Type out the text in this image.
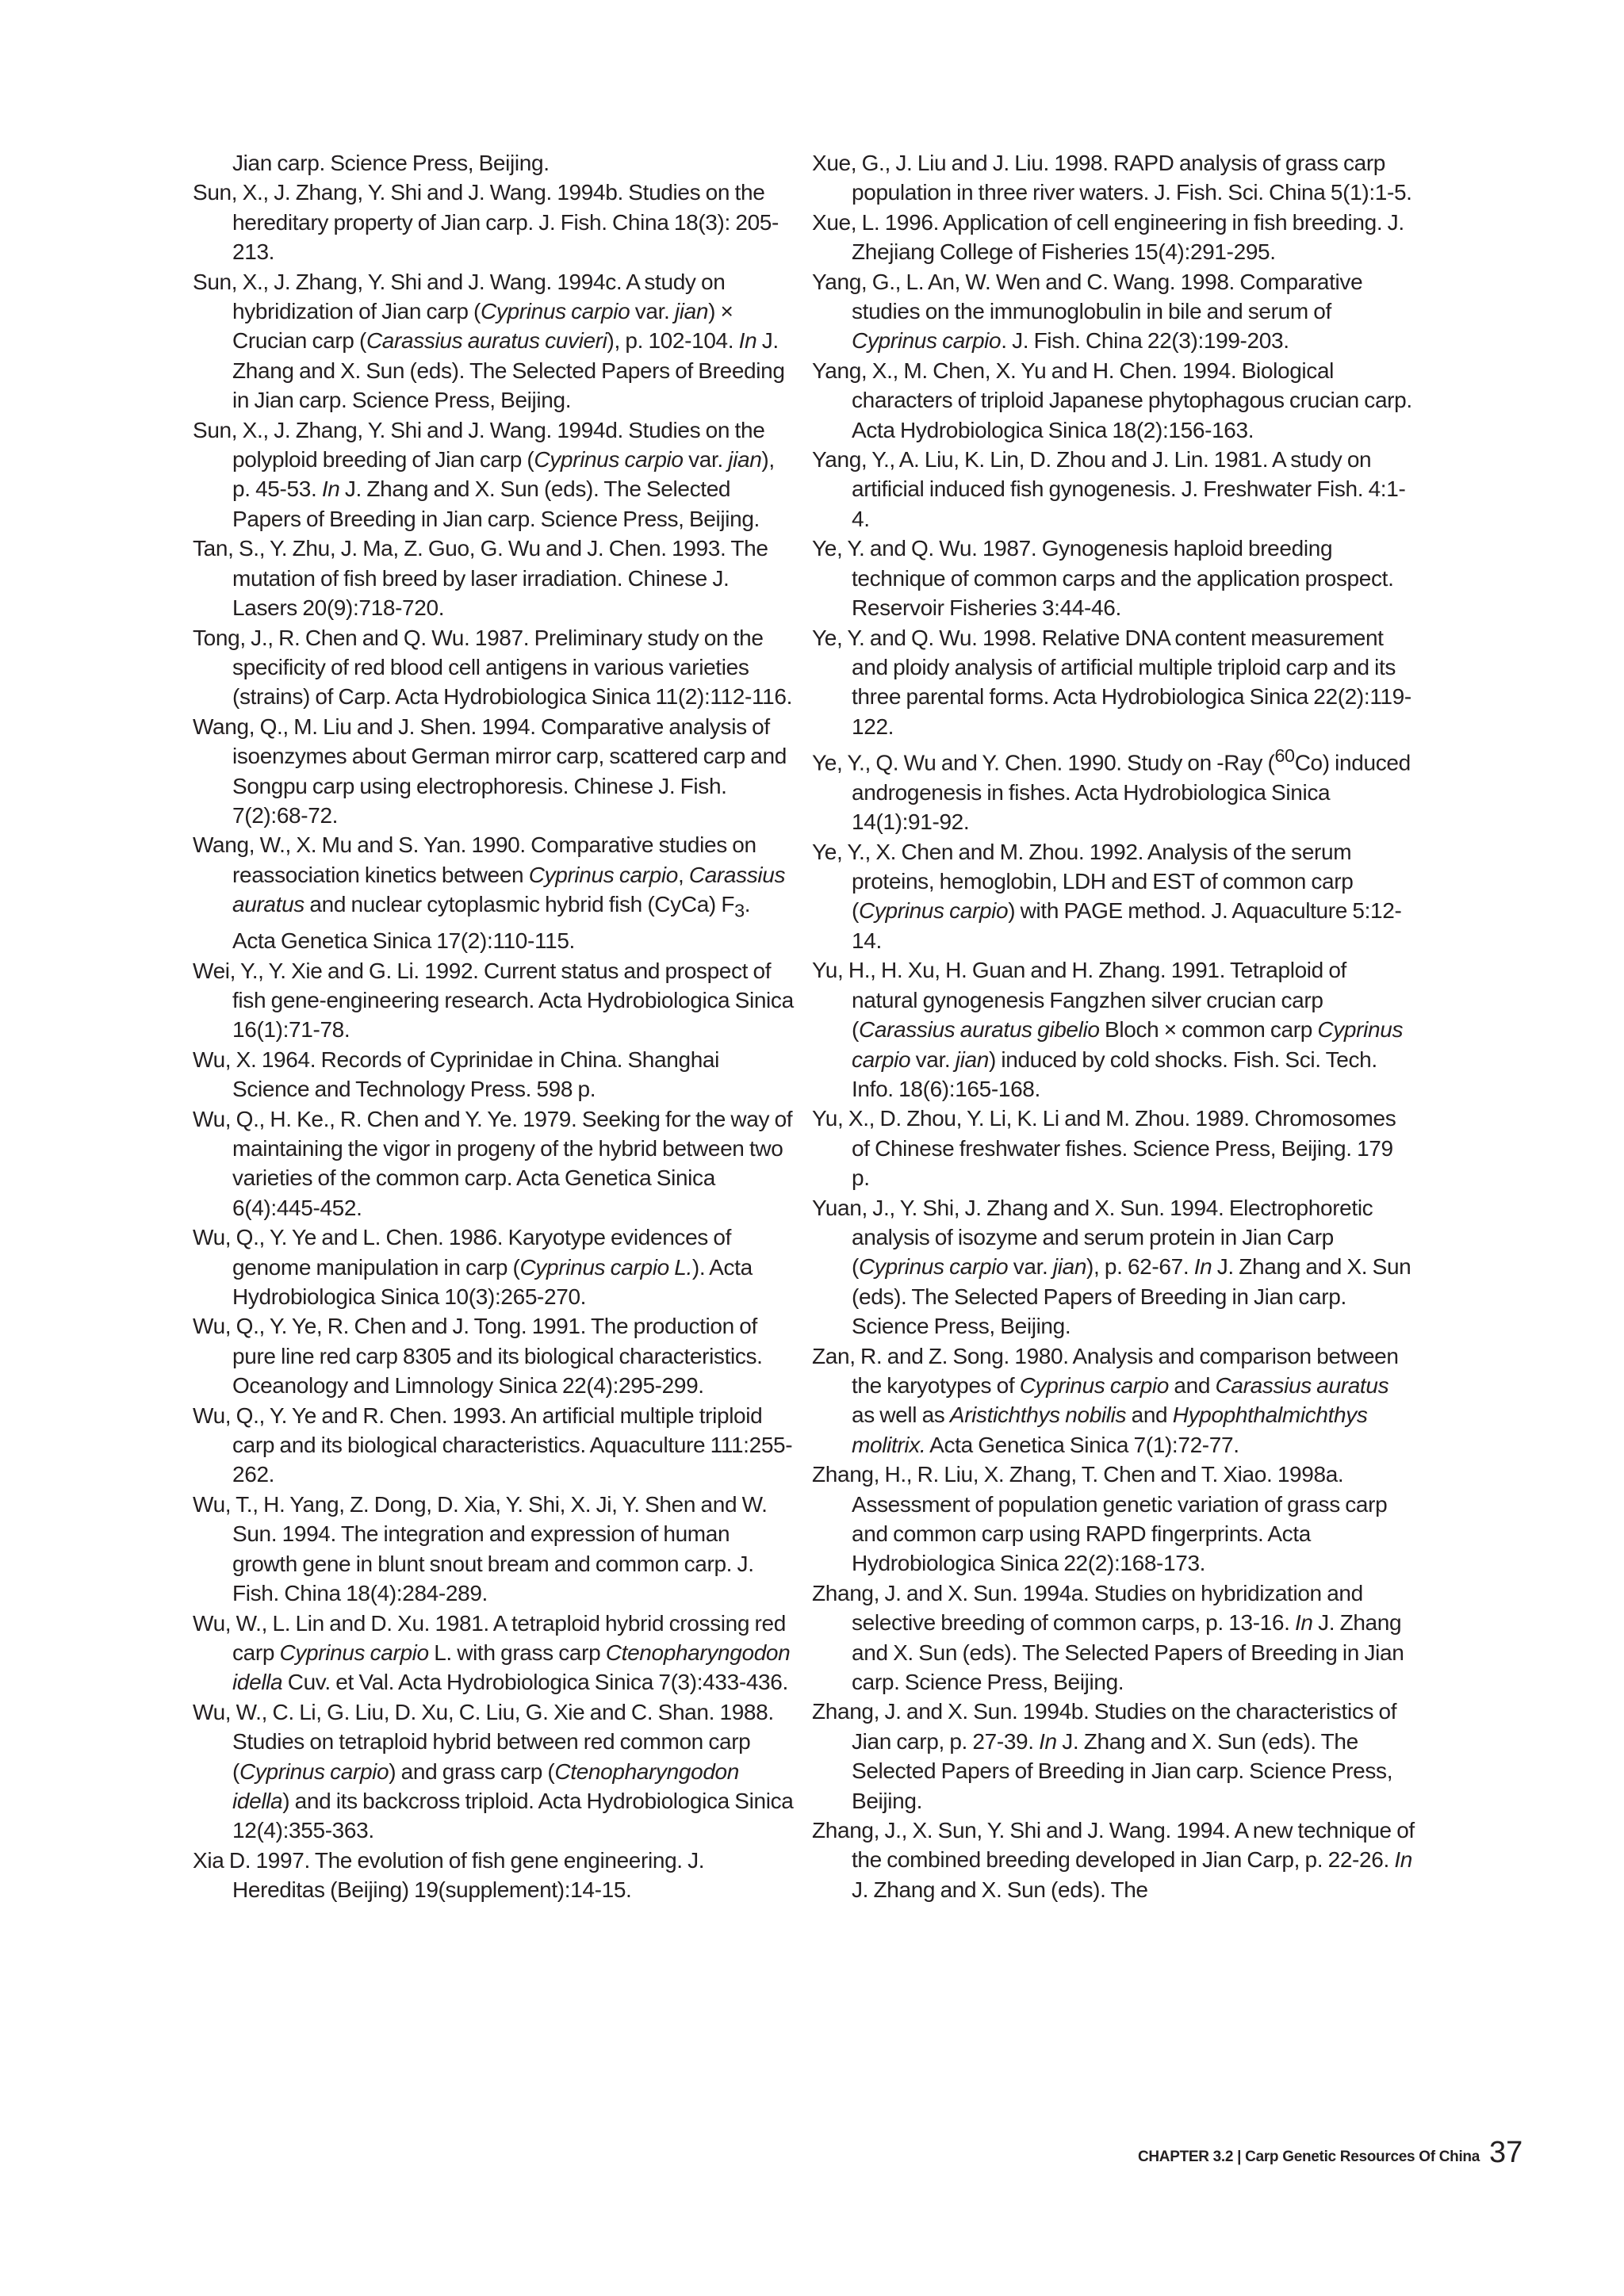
Jian carp. Science Press, Beijing.

Sun, X., J. Zhang, Y. Shi and J. Wang. 1994b. Studies on the hereditary property of Jian carp. J. Fish. China 18(3): 205-213.

Sun, X., J. Zhang, Y. Shi and J. Wang. 1994c. A study on hybridization of Jian carp (Cyprinus carpio var. jian) × Crucian carp (Carassius auratus cuvieri), p. 102-104. In J. Zhang and X. Sun (eds). The Selected Papers of Breeding in Jian carp. Science Press, Beijing.

Sun, X., J. Zhang, Y. Shi and J. Wang. 1994d. Studies on the polyploid breeding of Jian carp (Cyprinus carpio var. jian), p. 45-53. In J. Zhang and X. Sun (eds). The Selected Papers of Breeding in Jian carp. Science Press, Beijing.

Tan, S., Y. Zhu, J. Ma, Z. Guo, G. Wu and J. Chen. 1993. The mutation of fish breed by laser irradiation. Chinese J. Lasers 20(9):718-720.

Tong, J., R. Chen and Q. Wu. 1987. Preliminary study on the specificity of red blood cell antigens in various varieties (strains) of Carp. Acta Hydrobiologica Sinica 11(2):112-116.

Wang, Q., M. Liu and J. Shen. 1994. Comparative analysis of isoenzymes about German mirror carp, scattered carp and Songpu carp using electrophoresis. Chinese J. Fish. 7(2):68-72.

Wang, W., X. Mu and S. Yan. 1990. Comparative studies on reassociation kinetics between Cyprinus carpio, Carassius auratus and nuclear cytoplasmic hybrid fish (CyCa) $F_3$. Acta Genetica Sinica 17(2):110-115.

Wei, Y., Y. Xie and G. Li. 1992. Current status and prospect of fish gene-engineering research. Acta Hydrobiologica Sinica 16(1):71-78.

Wu, X. 1964. Records of Cyprinidae in China. Shanghai Science and Technology Press. 598 p.

Wu, Q., H. Ke., R. Chen and Y. Ye. 1979. Seeking for the way of maintaining the vigor in progeny of the hybrid between two varieties of the common carp. Acta Genetica Sinica 6(4):445-452.

Wu, Q., Y. Ye and L. Chen. 1986. Karyotype evidences of genome manipulation in carp (Cyprinus carpio L.). Acta Hydrobiologica Sinica 10(3):265-270.

Wu, Q., Y. Ye, R. Chen and J. Tong. 1991. The production of pure line red carp 8305 and its biological characteristics. Oceanology and Limnology Sinica 22(4):295-299.

Wu, Q., Y. Ye and R. Chen. 1993. An artificial multiple triploid carp and its biological characteristics. Aquaculture 111:255-262.

Wu, T., H. Yang, Z. Dong, D. Xia, Y. Shi, X. Ji, Y. Shen and W. Sun. 1994. The integration and expression of human growth gene in blunt snout bream and common carp. J. Fish. China 18(4):284-289.

Wu, W., L. Lin and D. Xu. 1981. A tetraploid hybrid crossing red carp Cyprinus carpio L. with grass carp Ctenopharyngodon idella Cuv. et Val. Acta Hydrobiologica Sinica 7(3):433-436.

Wu, W., C. Li, G. Liu, D. Xu, C. Liu, G. Xie and C. Shan. 1988. Studies on tetraploid hybrid between red common carp (Cyprinus carpio) and grass carp (Ctenopharyngodon idella) and its backcross triploid. Acta Hydrobiologica Sinica 12(4):355-363.

Xia D. 1997. The evolution of fish gene engineering. J. Hereditas (Beijing) 19(supplement):14-15.

Xue, G., J. Liu and J. Liu. 1998. RAPD analysis of grass carp population in three river waters. J. Fish. Sci. China 5(1):1-5.

Xue, L. 1996. Application of cell engineering in fish breeding. J. Zhejiang College of Fisheries 15(4):291-295.

Yang, G., L. An, W. Wen and C. Wang. 1998. Comparative studies on the immunoglobulin in bile and serum of Cyprinus carpio. J. Fish. China 22(3):199-203.

Yang, X., M. Chen, X. Yu and H. Chen. 1994. Biological characters of triploid Japanese phytophagous crucian carp. Acta Hydrobiologica Sinica 18(2):156-163.

Yang, Y., A. Liu, K. Lin, D. Zhou and J. Lin. 1981. A study on artificial induced fish gynogenesis. J. Freshwater Fish. 4:1-4.

Ye, Y. and Q. Wu. 1987. Gynogenesis haploid breeding technique of common carps and the application prospect. Reservoir Fisheries 3:44-46.

Ye, Y. and Q. Wu. 1998. Relative DNA content measurement and ploidy analysis of artificial multiple triploid carp and its three parental forms. Acta Hydrobiologica Sinica 22(2):119-122.

Ye, Y., Q. Wu and Y. Chen. 1990. Study on -Ray ($^{60}$Co) induced androgenesis in fishes. Acta Hydrobiologica Sinica 14(1):91-92.

Ye, Y., X. Chen and M. Zhou. 1992. Analysis of the serum proteins, hemoglobin, LDH and EST of common carp (Cyprinus carpio) with PAGE method. J. Aquaculture 5:12-14.

Yu, H., H. Xu, H. Guan and H. Zhang. 1991. Tetraploid of natural gynogenesis Fangzhen silver crucian carp (Carassius auratus gibelio Bloch × common carp Cyprinus carpio var. jian) induced by cold shocks. Fish. Sci. Tech. Info. 18(6):165-168.

Yu, X., D. Zhou, Y. Li, K. Li and M. Zhou. 1989. Chromosomes of Chinese freshwater fishes. Science Press, Beijing. 179 p.

Yuan, J., Y. Shi, J. Zhang and X. Sun. 1994. Electrophoretic analysis of isozyme and serum protein in Jian Carp (Cyprinus carpio var. jian), p. 62-67. In J. Zhang and X. Sun (eds). The Selected Papers of Breeding in Jian carp. Science Press, Beijing.

Zan, R. and Z. Song. 1980. Analysis and comparison between the karyotypes of Cyprinus carpio and Carassius auratus as well as Aristichthys nobilis and Hypophthalmichthys molitrix. Acta Genetica Sinica 7(1):72-77.

Zhang, H., R. Liu, X. Zhang, T. Chen and T. Xiao. 1998a. Assessment of population genetic variation of grass carp and common carp using RAPD fingerprints. Acta Hydrobiologica Sinica 22(2):168-173.

Zhang, J. and X. Sun. 1994a. Studies on hybridization and selective breeding of common carps, p. 13-16. In J. Zhang and X. Sun (eds). The Selected Papers of Breeding in Jian carp. Science Press, Beijing.

Zhang, J. and X. Sun. 1994b. Studies on the characteristics of Jian carp, p. 27-39. In J. Zhang and X. Sun (eds). The Selected Papers of Breeding in Jian carp. Science Press, Beijing.

Zhang, J., X. Sun, Y. Shi and J. Wang. 1994. A new technique of the combined breeding developed in Jian Carp, p. 22-26. In J. Zhang and X. Sun (eds). The

CHAPTER 3.2 | Carp Genetic Resources Of China 37
